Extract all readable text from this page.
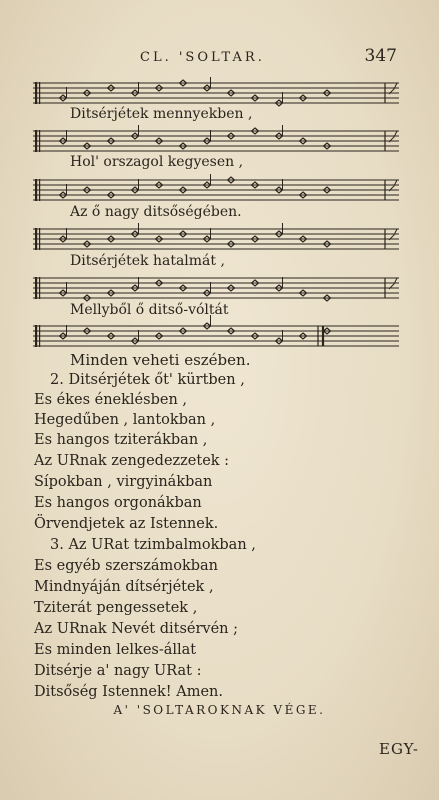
CL. 'SOLTAR.	347
Ditsérjétek mennyekben ,
Hol' orszagol kegyesen ,
Az ő nagy ditsőségében.
Ditsérjétek hatalmát ,
Mellyből ő ditső-vóltát
Minden veheti eszében.
2. Ditsérjétek őt' kürtben ,
Es ékes éneklésben ,
Hegedűben , lantokban ,
Es hangos tziterákban ,
Az URnak zengedezzetek :
Sípokban , virgyinákban
Es hangos orgonákban
Örvendjetek az Istennek.
3. Az URat tzimbalmokban ,
Es egyéb szerszámokban
Mindnyáján dítsérjétek ,
Tziterát pengessetek ,
Az URnak Nevét ditsérvén ;
Es minden lelkes-állat
Ditsérje a' nagy URat :
Ditsőség Istennek! Amen.
A' 'SOLTAROKNAK VÉGE.
EGY-
